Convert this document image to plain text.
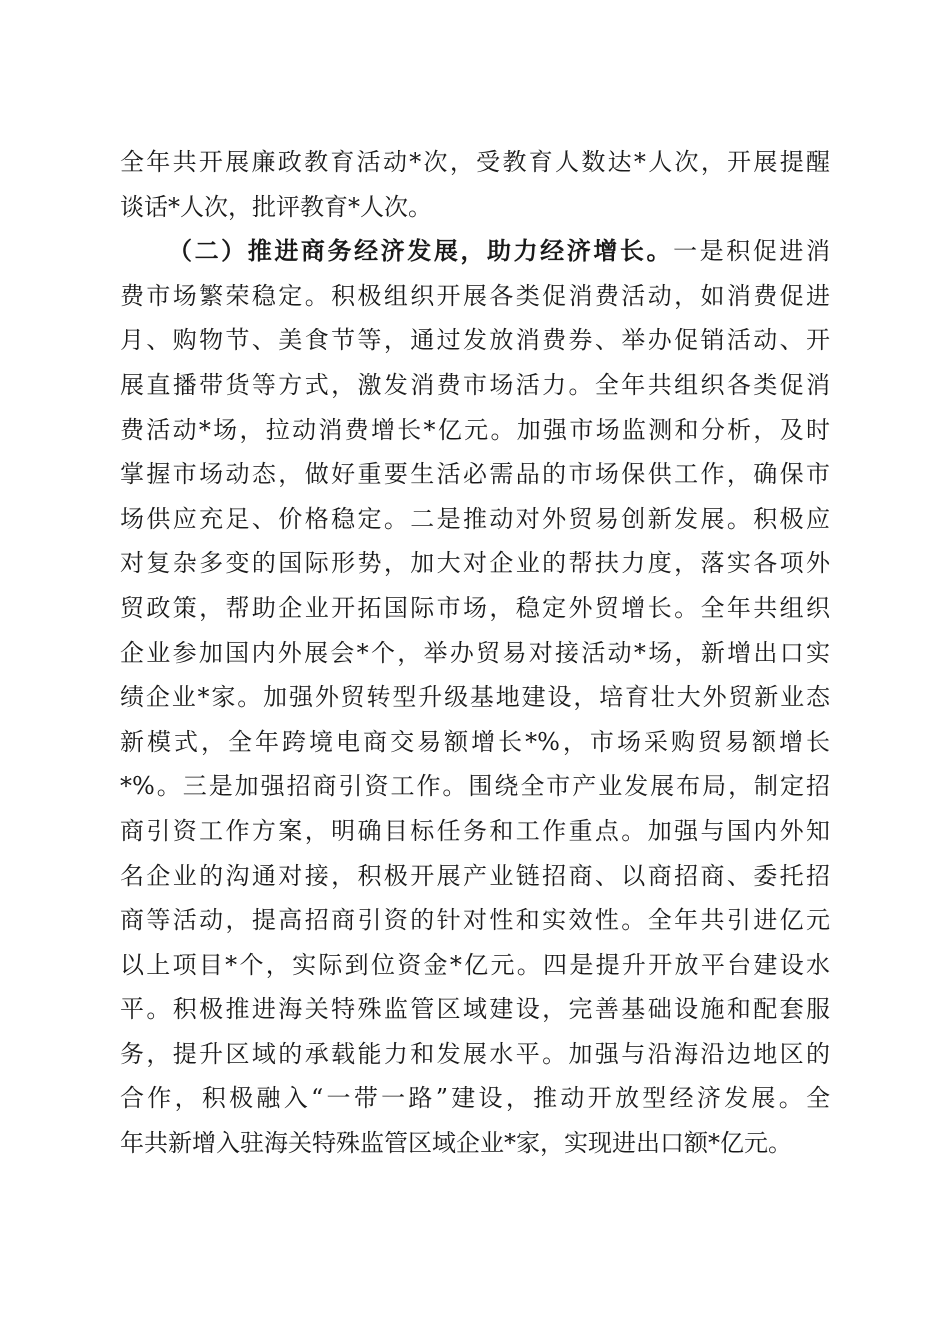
全年共开展廉政教育活动*次，受教育人数达*人次，开展提醒
谈话*人次，批评教育*人次。
（二）推进商务经济发展，助力经济增长。一是积促进消
费市场繁荣稳定。积极组织开展各类促消费活动，如消费促进
月、购物节、美食节等，通过发放消费券、举办促销活动、开
展直播带货等方式，激发消费市场活力。全年共组织各类促消
费活动*场，拉动消费增长*亿元。加强市场监测和分析，及时
掌握市场动态，做好重要生活必需品的市场保供工作，确保市
场供应充足、价格稳定。二是推动对外贸易创新发展。积极应
对复杂多变的国际形势，加大对企业的帮扶力度，落实各项外
贸政策，帮助企业开拓国际市场，稳定外贸增长。全年共组织
企业参加国内外展会*个，举办贸易对接活动*场，新增出口实
绩企业*家。加强外贸转型升级基地建设，培育壮大外贸新业态
新模式，全年跨境电商交易额增长*%，市场采购贸易额增长
*%。三是加强招商引资工作。围绕全市产业发展布局，制定招
商引资工作方案，明确目标任务和工作重点。加强与国内外知
名企业的沟通对接，积极开展产业链招商、以商招商、委托招
商等活动，提高招商引资的针对性和实效性。全年共引进亿元
以上项目*个，实际到位资金*亿元。四是提升开放平台建设水
平。积极推进海关特殊监管区域建设，完善基础设施和配套服
务，提升区域的承载能力和发展水平。加强与沿海沿边地区的
合作，积极融入“一带一路”建设，推动开放型经济发展。全
年共新增入驻海关特殊监管区域企业*家，实现进出口额*亿元。
